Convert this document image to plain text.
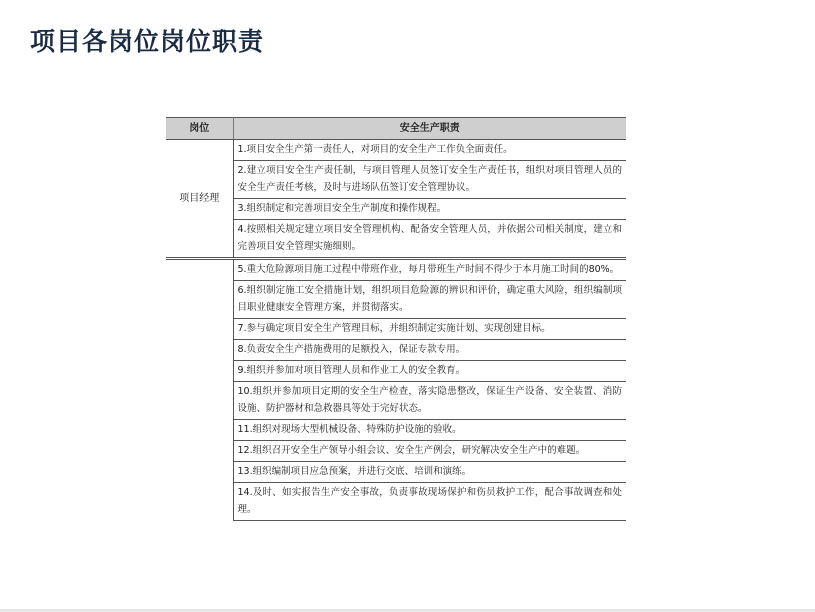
项目各岗位岗位职责
岗位	安全生产职责
项目经理	1.项目安全生产第一责任人，对项目的安全生产工作负全面责任。
	2.建立项目安全生产责任制，与项目管理人员签订安全生产责任书，组织对项目管理人员的安全生产责任考核，及时与进场队伍签订安全管理协议。
	3.组织制定和完善项目安全生产制度和操作规程。
	4.按照相关规定建立项目安全管理机构、配备安全管理人员，并依据公司相关制度，建立和完善项目安全管理实施细则。
	5.重大危险源项目施工过程中带班作业，每月带班生产时间不得少于本月施工时间的80%。
	6.组织制定施工安全措施计划，组织项目危险源的辨识和评价，确定重大风险，组织编制项目职业健康安全管理方案，并贯彻落实。
	7.参与确定项目安全生产管理目标，并组织制定实施计划、实现创建目标。
	8.负责安全生产措施费用的足额投入，保证专款专用。
	9.组织并参加对项目管理人员和作业工人的安全教育。
	10.组织并参加项目定期的安全生产检查，落实隐患整改，保证生产设备、安全装置、消防设施、防护器材和急救器具等处于完好状态。
	11.组织对现场大型机械设备、特殊防护设施的验收。
	12.组织召开安全生产领导小组会议、安全生产例会，研究解决安全生产中的难题。
	13.组织编制项目应急预案，并进行交底、培训和演练。
	14.及时、如实报告生产安全事故，负责事故现场保护和伤员救护工作，配合事故调查和处理。
